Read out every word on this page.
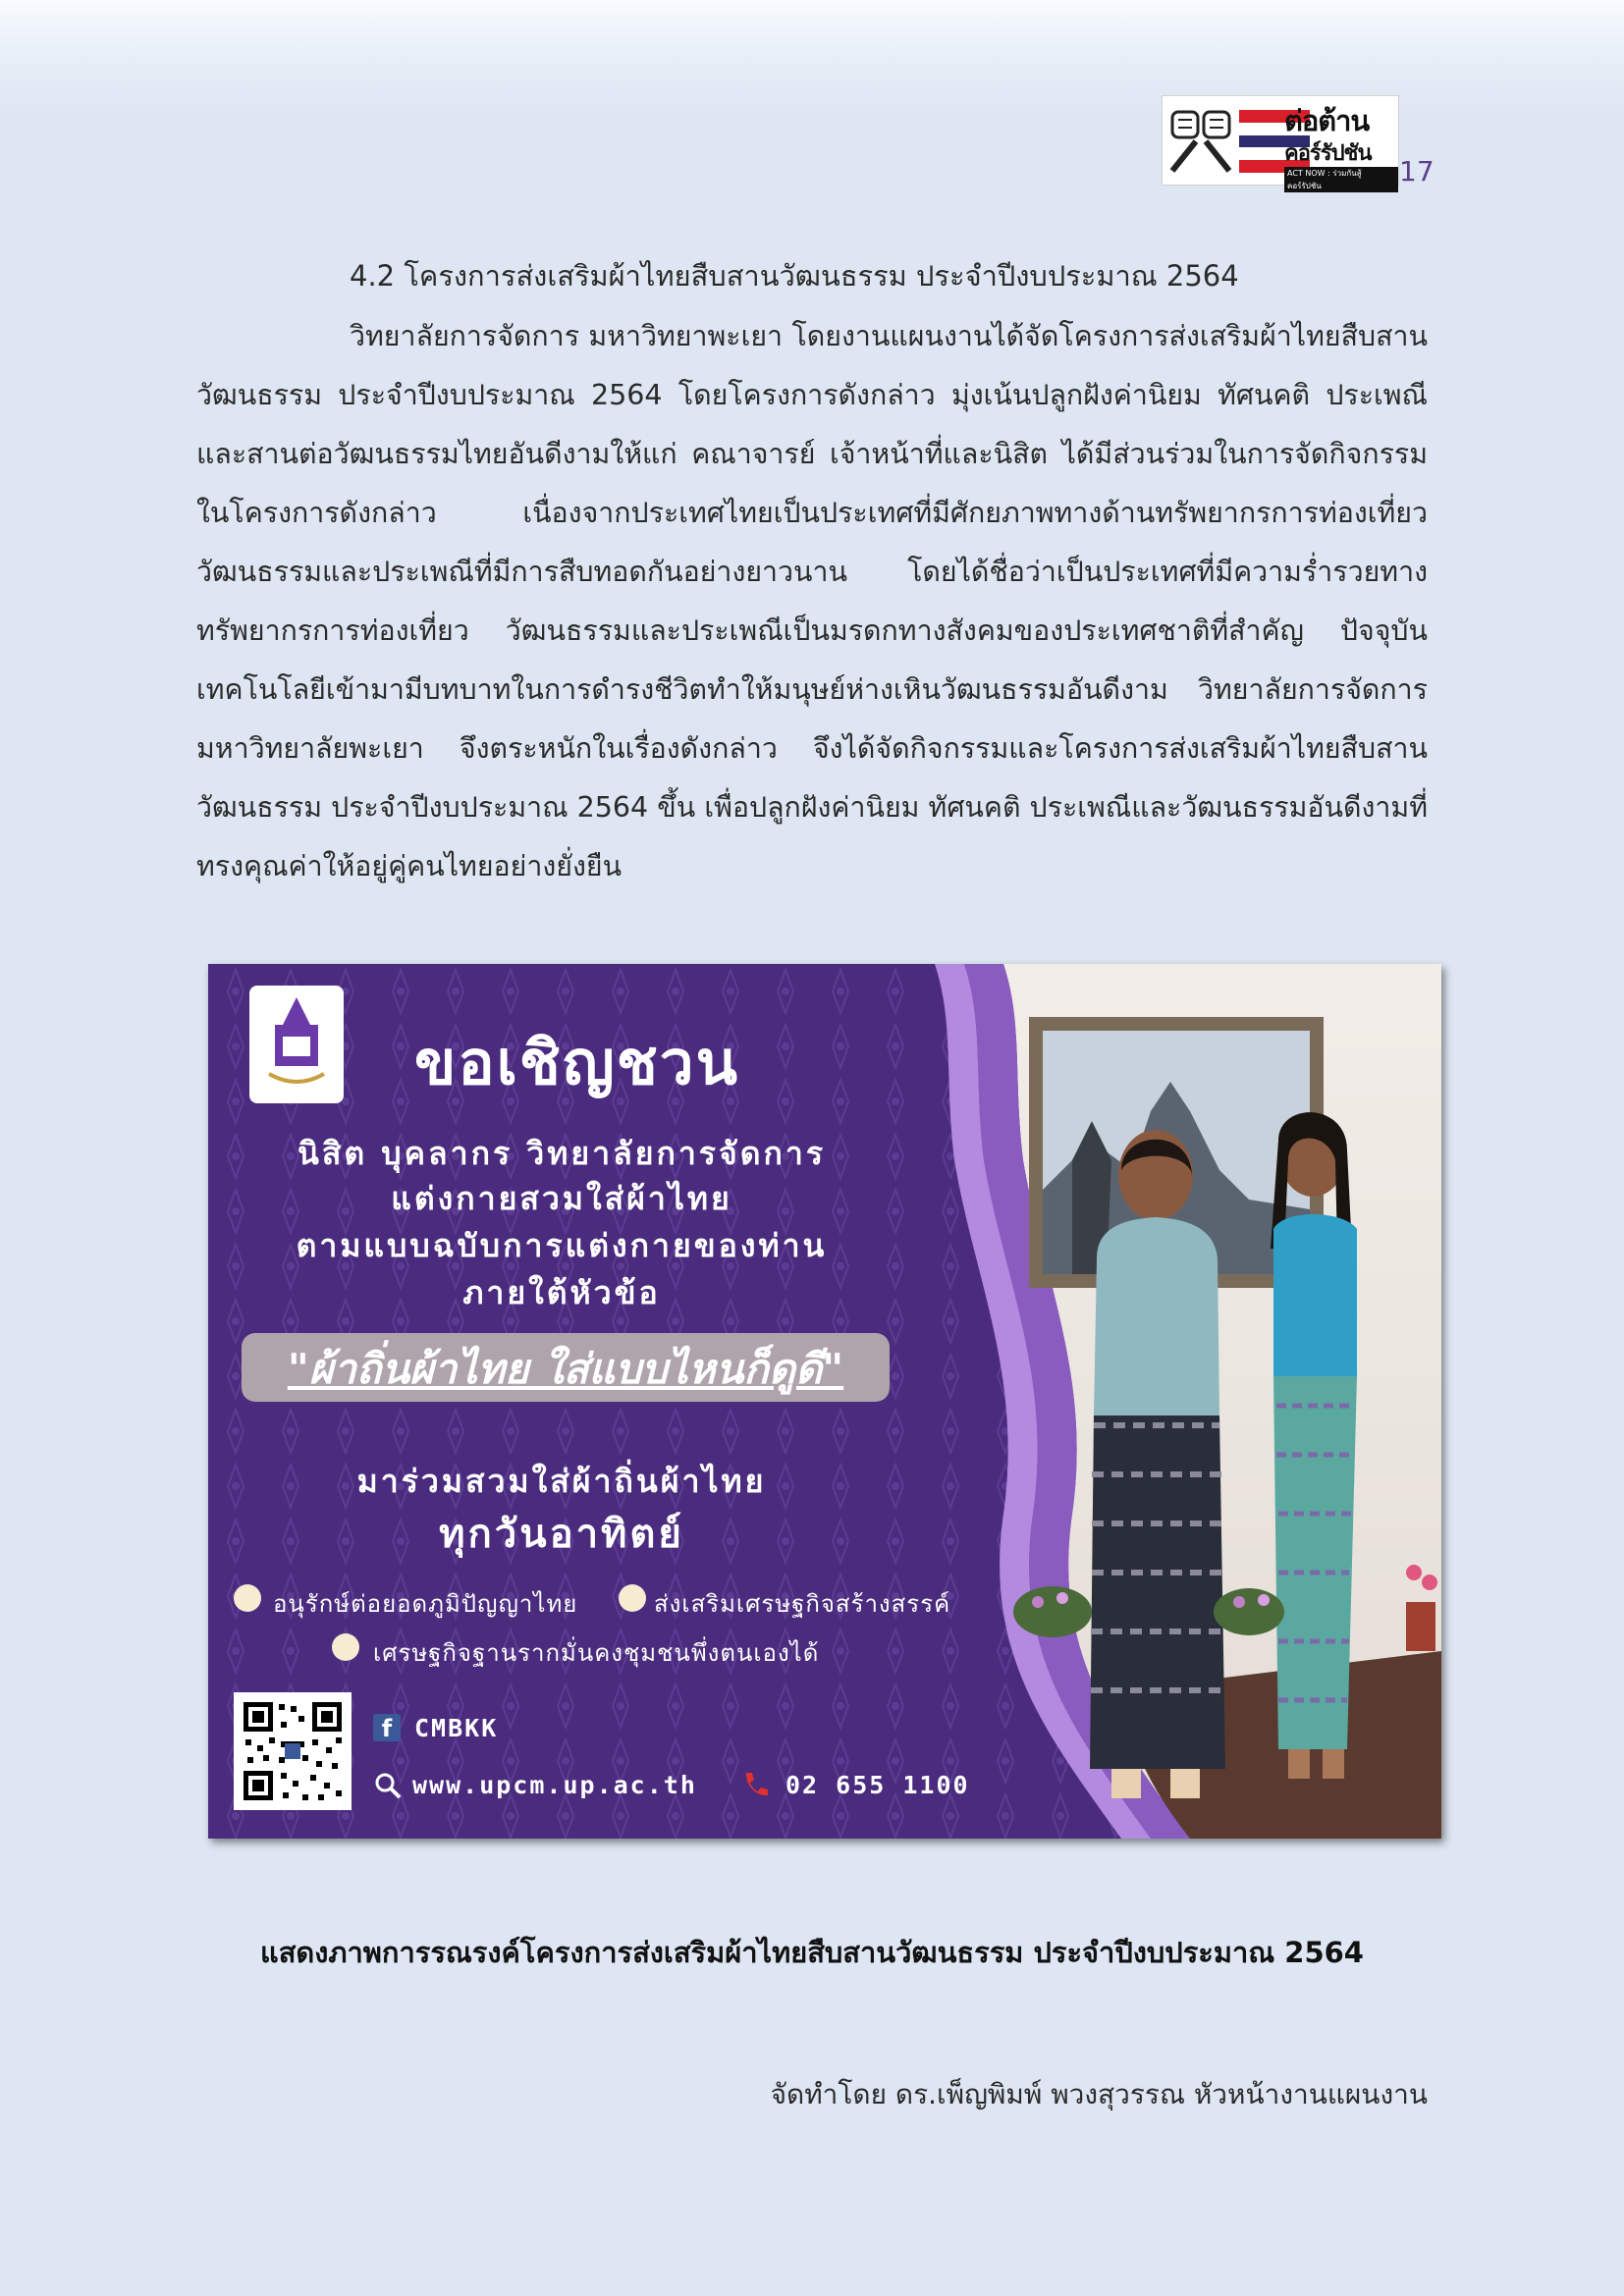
ต่อต้าน
คอร์รัปชัน
ACT NOW : ร่วมกันสู้คอร์รัปชัน	17
4.2 โครงการส่งเสริมผ้าไทยสืบสานวัฒนธรรม ประจำปีงบประมาณ 2564

วิทยาลัยการจัดการ มหาวิทยาพะเยา โดยงานแผนงานได้จัดโครงการส่งเสริมผ้าไทยสืบสานวัฒนธรรม ประจำปีงบประมาณ 2564 โดยโครงการดังกล่าว มุ่งเน้นปลูกฝังค่านิยม ทัศนคติ ประเพณี และสานต่อวัฒนธรรมไทยอันดีงามให้แก่ คณาจารย์ เจ้าหน้าที่และนิสิต ได้มีส่วนร่วมในการจัดกิจกรรมในโครงการดังกล่าว เนื่องจากประเทศไทยเป็นประเทศที่มีศักยภาพทางด้านทรัพยากรการท่องเที่ยว วัฒนธรรมและประเพณีที่มีการสืบทอดกันอย่างยาวนาน โดยได้ชื่อว่าเป็นประเทศที่มีความร่ำรวยทางทรัพยากรการท่องเที่ยว วัฒนธรรมและประเพณีเป็นมรดกทางสังคมของประเทศชาติที่สำคัญ ปัจจุบันเทคโนโลยีเข้ามามีบทบาทในการดำรงชีวิตทำให้มนุษย์ห่างเหินวัฒนธรรมอันดีงาม วิทยาลัยการจัดการ มหาวิทยาลัยพะเยา จึงตระหนักในเรื่องดังกล่าว จึงได้จัดกิจกรรมและโครงการส่งเสริมผ้าไทยสืบสานวัฒนธรรม ประจำปีงบประมาณ 2564 ขึ้น เพื่อปลูกฝังค่านิยม ทัศนคติ ประเพณีและวัฒนธรรมอันดีงามที่ทรงคุณค่าให้อยู่คู่คนไทยอย่างยั่งยืน

ขอเชิญชวน
นิสิต บุคลากร วิทยาลัยการจัดการ
แต่งกายสวมใส่ผ้าไทย
ตามแบบฉบับการแต่งกายของท่าน
ภายใต้หัวข้อ
"ผ้าถิ่นผ้าไทย ใส่แบบไหนก็ดูดี"
มาร่วมสวมใส่ผ้าถิ่นผ้าไทย
ทุกวันอาทิตย์
อนุรักษ์ต่อยอดภูมิปัญญาไทย	ส่งเสริมเศรษฐกิจสร้างสรรค์
เศรษฐกิจฐานรากมั่นคงชุมชนพึ่งตนเองได้
f CMBKK
www.upcm.up.ac.th	02 655 1100
แสดงภาพการรณรงค์โครงการส่งเสริมผ้าไทยสืบสานวัฒนธรรม ประจำปีงบประมาณ 2564
จัดทำโดย ดร.เพ็ญพิมพ์ พวงสุวรรณ หัวหน้างานแผนงาน
